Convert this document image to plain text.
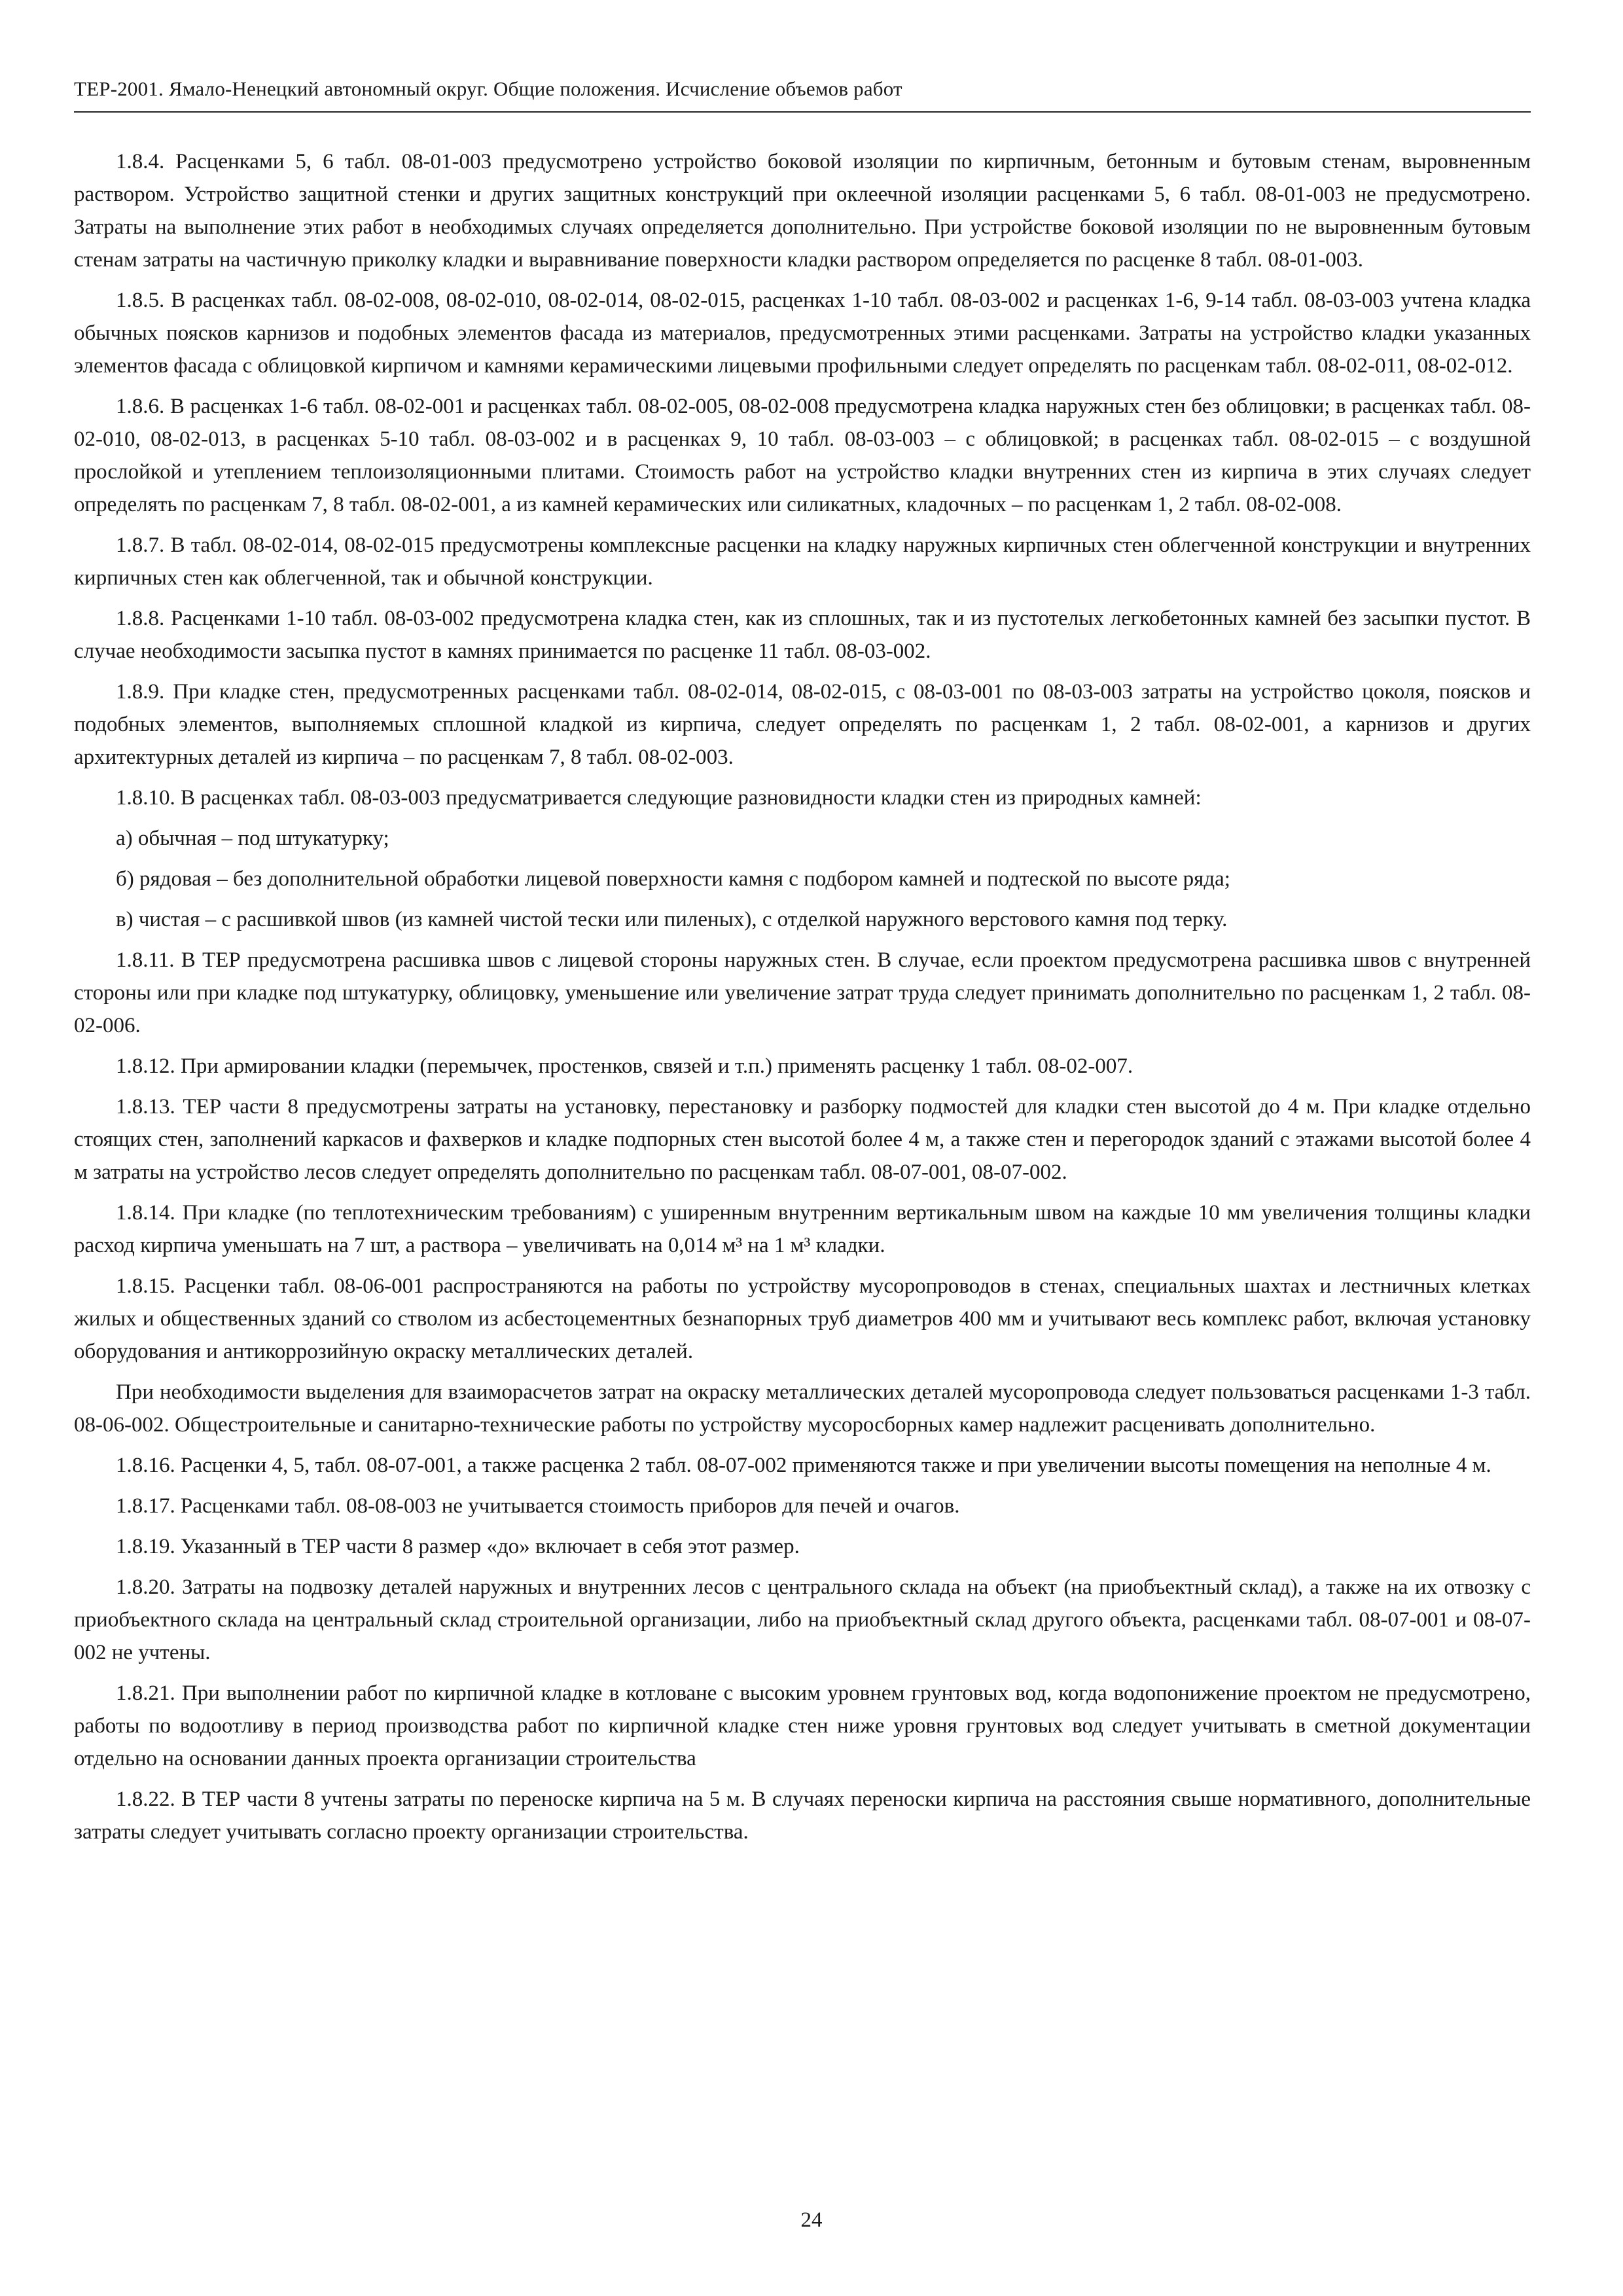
ТЕР-2001. Ямало-Ненецкий автономный округ. Общие положения. Исчисление объемов работ

1.8.4. Расценками 5, 6 табл. 08-01-003 предусмотрено устройство боковой изоляции по кирпичным, бетонным и бутовым стенам, выровненным раствором. Устройство защитной стенки и других защитных конструкций при оклеечной изоляции расценками 5, 6 табл. 08-01-003 не предусмотрено. Затраты на выполнение этих работ в необходимых случаях определяется дополнительно. При устройстве боковой изоляции по не выровненным бутовым стенам затраты на частичную приколку кладки и выравнивание поверхности кладки раствором определяется по расценке 8 табл. 08-01-003.

1.8.5. В расценках табл. 08-02-008, 08-02-010, 08-02-014, 08-02-015, расценках 1-10 табл. 08-03-002 и расценках 1-6, 9-14 табл. 08-03-003 учтена кладка обычных поясков карнизов и подобных элементов фасада из материалов, предусмотренных этими расценками. Затраты на устройство кладки указанных элементов фасада с облицовкой кирпичом и камнями керамическими лицевыми профильными следует определять по расценкам табл. 08-02-011, 08-02-012.

1.8.6. В расценках 1-6 табл. 08-02-001 и расценках табл. 08-02-005, 08-02-008 предусмотрена кладка наружных стен без облицовки; в расценках табл. 08-02-010, 08-02-013, в расценках 5-10 табл. 08-03-002 и в расценках 9, 10 табл. 08-03-003 – с облицовкой; в расценках табл. 08-02-015 – с воздушной прослойкой и утеплением теплоизоляционными плитами. Стоимость работ на устройство кладки внутренних стен из кирпича в этих случаях следует определять по расценкам 7, 8 табл. 08-02-001, а из камней керамических или силикатных, кладочных – по расценкам 1, 2 табл. 08-02-008.

1.8.7. В табл. 08-02-014, 08-02-015 предусмотрены комплексные расценки на кладку наружных кирпичных стен облегченной конструкции и внутренних кирпичных стен как облегченной, так и обычной конструкции.

1.8.8. Расценками 1-10 табл. 08-03-002 предусмотрена кладка стен, как из сплошных, так и из пустотелых легкобетонных камней без засыпки пустот. В случае необходимости засыпка пустот в камнях принимается по расценке 11 табл. 08-03-002.

1.8.9. При кладке стен, предусмотренных расценками табл. 08-02-014, 08-02-015, с 08-03-001 по 08-03-003 затраты на устройство цоколя, поясков и подобных элементов, выполняемых сплошной кладкой из кирпича, следует определять по расценкам 1, 2 табл. 08-02-001, а карнизов и других архитектурных деталей из кирпича – по расценкам 7, 8 табл. 08-02-003.

1.8.10. В расценках табл. 08-03-003 предусматривается следующие разновидности кладки стен из природных камней:

а) обычная – под штукатурку;

б) рядовая – без дополнительной обработки лицевой поверхности камня с подбором камней и подтеской по высоте ряда;

в) чистая – с расшивкой швов (из камней чистой тески или пиленых), с отделкой наружного верстового камня под терку.

1.8.11. В ТЕР предусмотрена расшивка швов с лицевой стороны наружных стен. В случае, если проектом предусмотрена расшивка швов с внутренней стороны или при кладке под штукатурку, облицовку, уменьшение или увеличение затрат труда следует принимать дополнительно по расценкам 1, 2 табл. 08-02-006.

1.8.12. При армировании кладки (перемычек, простенков, связей и т.п.) применять расценку 1 табл. 08-02-007.

1.8.13. ТЕР части 8 предусмотрены затраты на установку, перестановку и разборку подмостей для кладки стен высотой до 4 м. При кладке отдельно стоящих стен, заполнений каркасов и фахверков и кладке подпорных стен высотой более 4 м, а также стен и перегородок зданий с этажами высотой более 4 м затраты на устройство лесов следует определять дополнительно по расценкам табл. 08-07-001, 08-07-002.

1.8.14. При кладке (по теплотехническим требованиям) с уширенным внутренним вертикальным швом на каждые 10 мм увеличения толщины кладки расход кирпича уменьшать на 7 шт, а раствора – увеличивать на 0,014 м³ на 1 м³ кладки.

1.8.15. Расценки табл. 08-06-001 распространяются на работы по устройству мусоропроводов в стенах, специальных шахтах и лестничных клетках жилых и общественных зданий со стволом из асбестоцементных безнапорных труб диаметров 400 мм и учитывают весь комплекс работ, включая установку оборудования и антикоррозийную окраску металлических деталей.

При необходимости выделения для взаиморасчетов затрат на окраску металлических деталей мусоропровода следует пользоваться расценками 1-3 табл. 08-06-002. Общестроительные и санитарно-технические работы по устройству мусоросборных камер надлежит расценивать дополнительно.

1.8.16. Расценки 4, 5, табл. 08-07-001, а также расценка 2 табл. 08-07-002 применяются также и при увеличении высоты помещения на неполные 4 м.

1.8.17. Расценками табл. 08-08-003 не учитывается стоимость приборов для печей и очагов.

1.8.19. Указанный в ТЕР части 8 размер «до» включает в себя этот размер.

1.8.20. Затраты на подвозку деталей наружных и внутренних лесов с центрального склада на объект (на приобъектный склад), а также на их отвозку с приобъектного склада на центральный склад строительной организации, либо на приобъектный склад другого объекта, расценками табл. 08-07-001 и 08-07-002 не учтены.

1.8.21. При выполнении работ по кирпичной кладке в котловане с высоким уровнем грунтовых вод, когда водопонижение проектом не предусмотрено, работы по водоотливу в период производства работ по кирпичной кладке стен ниже уровня грунтовых вод следует учитывать в сметной документации отдельно на основании данных проекта организации строительства

1.8.22. В ТЕР части 8 учтены затраты по переноске кирпича на 5 м. В случаях переноски кирпича на расстояния свыше нормативного, дополнительные затраты следует учитывать согласно проекту организации строительства.

24
